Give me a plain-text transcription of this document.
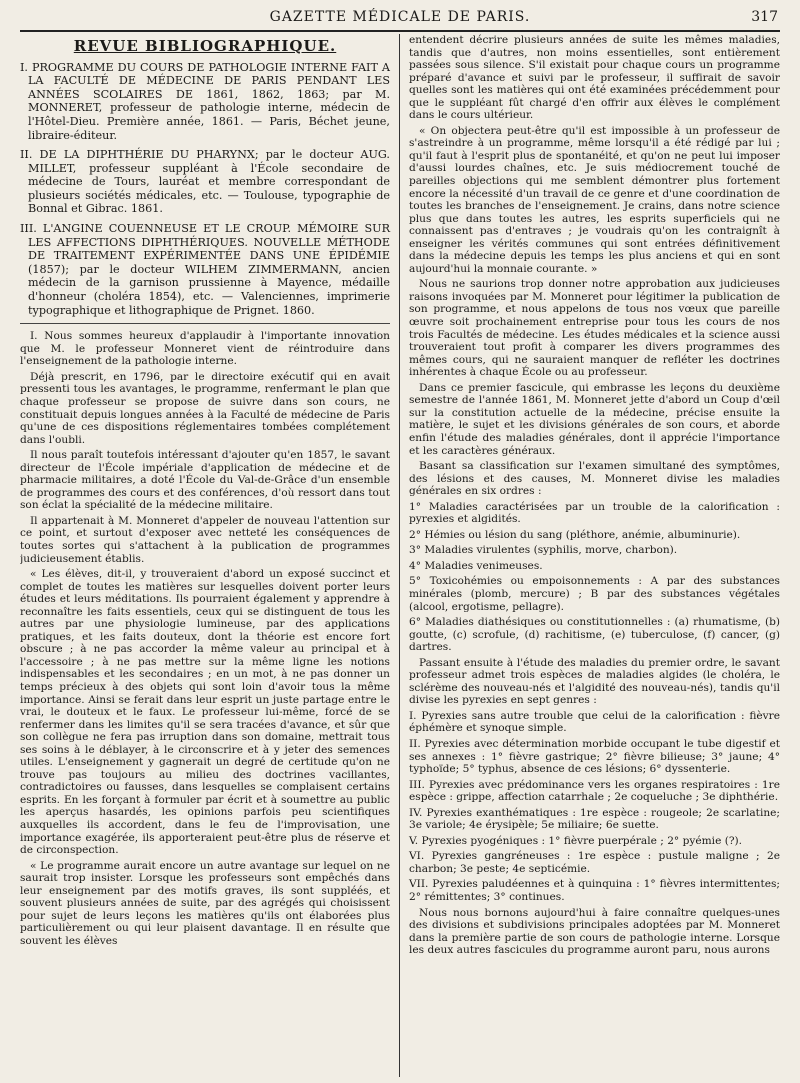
GAZETTE MÉDICALE DE PARIS.	317
REVUE BIBLIOGRAPHIQUE.
I. PROGRAMME DU COURS DE PATHOLOGIE INTERNE FAIT A LA FACULTÉ DE MÉDECINE DE PARIS PENDANT LES ANNÉES SCOLAIRES DE 1861, 1862, 1863; par M. MONNERET, professeur de pathologie interne, médecin de l'Hôtel-Dieu. Première année, 1861. — Paris, Béchet jeune, libraire-éditeur.
II. DE LA DIPHTHÉRIE DU PHARYNX; par le docteur AUG. MILLET, professeur suppléant à l'École secondaire de médecine de Tours, lauréat et membre correspondant de plusieurs sociétés médicales, etc. — Toulouse, typographie de Bonnal et Gibrac. 1861.
III. L'ANGINE COUENNEUSE ET LE CROUP. MÉMOIRE SUR LES AFFECTIONS DIPHTHÉRIQUES. NOUVELLE MÉTHODE DE TRAITEMENT EXPÉRIMENTÉE DANS UNE ÉPIDÉMIE (1857); par le docteur WILHEM ZIMMERMANN, ancien médecin de la garnison prussienne à Mayence, médaille d'honneur (choléra 1854), etc. — Valenciennes, imprimerie typographique et lithographique de Prignet. 1860.

I. Nous sommes heureux d'applaudir à l'importante innovation que M. le professeur Monneret vient de réintroduire dans l'enseignement de la pathologie interne.

Déjà prescrit, en 1796, par le directoire exécutif qui en avait pressenti tous les avantages, le programme, renfermant le plan que chaque professeur se propose de suivre dans son cours, ne constituait depuis longues années à la Faculté de médecine de Paris qu'une de ces dispositions réglementaires tombées complétement dans l'oubli.

Il nous paraît toutefois intéressant d'ajouter qu'en 1857, le savant directeur de l'École impériale d'application de médecine et de pharmacie militaires, a doté l'École du Val-de-Grâce d'un ensemble de programmes des cours et des conférences, d'où ressort dans tout son éclat la spécialité de la médecine militaire.

Il appartenait à M. Monneret d'appeler de nouveau l'attention sur ce point, et surtout d'exposer avec netteté les conséquences de toutes sortes qui s'attachent à la publication de programmes judicieusement établis.

« Les élèves, dit-il, y trouveraient d'abord un exposé succinct et complet de toutes les matières sur lesquelles doivent porter leurs études et leurs méditations. Ils pourraient également y apprendre à reconnaître les faits essentiels, ceux qui se distinguent de tous les autres par une physiologie lumineuse, par des applications pratiques, et les faits douteux, dont la théorie est encore fort obscure ; à ne pas accorder la même valeur au principal et à l'accessoire ; à ne pas mettre sur la même ligne les notions indispensables et les secondaires ; en un mot, à ne pas donner un temps précieux à des objets qui sont loin d'avoir tous la même importance. Ainsi se ferait dans leur esprit un juste partage entre le vrai, le douteux et le faux. Le professeur lui-même, forcé de se renfermer dans les limites qu'il se sera tracées d'avance, et sûr que son collègue ne fera pas irruption dans son domaine, mettrait tous ses soins à le déblayer, à le circonscrire et à y jeter des semences utiles. L'enseignement y gagnerait un degré de certitude qu'on ne trouve pas toujours au milieu des doctrines vacillantes, contradictoires ou fausses, dans lesquelles se complaisent certains esprits. En les forçant à formuler par écrit et à soumettre au public les aperçus hasardés, les opinions parfois peu scientifiques auxquelles ils accordent, dans le feu de l'improvisation, une importance exagérée, ils apporteraient peut-être plus de réserve et de circonspection.

« Le programme aurait encore un autre avantage sur lequel on ne saurait trop insister. Lorsque les professeurs sont empêchés dans leur enseignement par des motifs graves, ils sont suppléés, et souvent plusieurs années de suite, par des agrégés qui choisissent pour sujet de leurs leçons les matières qu'ils ont élaborées plus particulièrement ou qui leur plaisent davantage. Il en résulte que souvent les élèves

entendent décrire plusieurs années de suite les mêmes maladies, tandis que d'autres, non moins essentielles, sont entièrement passées sous silence. S'il existait pour chaque cours un programme préparé d'avance et suivi par le professeur, il suffirait de savoir quelles sont les matières qui ont été examinées précédemment pour que le suppléant fût chargé d'en offrir aux élèves le complément dans le cours ultérieur.

« On objectera peut-être qu'il est impossible à un professeur de s'astreindre à un programme, même lorsqu'il a été rédigé par lui ; qu'il faut à l'esprit plus de spontanéité, et qu'on ne peut lui imposer d'aussi lourdes chaînes, etc. Je suis médiocrement touché de pareilles objections qui me semblent démontrer plus fortement encore la nécessité d'un travail de ce genre et d'une coordination de toutes les branches de l'enseignement. Je crains, dans notre science plus que dans toutes les autres, les esprits superficiels qui ne connaissent pas d'entraves ; je voudrais qu'on les contraignît à enseigner les vérités communes qui sont entrées définitivement dans la médecine depuis les temps les plus anciens et qui en sont aujourd'hui la monnaie courante. »

Nous ne saurions trop donner notre approbation aux judicieuses raisons invoquées par M. Monneret pour légitimer la publication de son programme, et nous appelons de tous nos vœux que pareille œuvre soit prochainement entreprise pour tous les cours de nos trois Facultés de médecine. Les études médicales et la science aussi trouveraient tout profit à comparer les divers programmes des mêmes cours, qui ne sauraient manquer de refléter les doctrines inhérentes à chaque École ou au professeur.

Dans ce premier fascicule, qui embrasse les leçons du deuxième semestre de l'année 1861, M. Monneret jette d'abord un Coup d'œil sur la constitution actuelle de la médecine, précise ensuite la matière, le sujet et les divisions générales de son cours, et aborde enfin l'étude des maladies générales, dont il apprécie l'importance et les caractères généraux.

Basant sa classification sur l'examen simultané des symptômes, des lésions et des causes, M. Monneret divise les maladies générales en six ordres :

1° Maladies caractérisées par un trouble de la calorification : pyrexies et algidités.

2° Hémies ou lésion du sang (pléthore, anémie, albuminurie).

3° Maladies virulentes (syphilis, morve, charbon).

4° Maladies venimeuses.

5° Toxicohémies ou empoisonnements : A par des substances minérales (plomb, mercure) ; B par des substances végétales (alcool, ergotisme, pellagre).

6° Maladies diathésiques ou constitutionnelles : (a) rhumatisme, (b) goutte, (c) scrofule, (d) rachitisme, (e) tuberculose, (f) cancer, (g) dartres.

Passant ensuite à l'étude des maladies du premier ordre, le savant professeur admet trois espèces de maladies algides (le choléra, le sclérème des nouveau-nés et l'algidité des nouveau-nés), tandis qu'il divise les pyrexies en sept genres :

I. Pyrexies sans autre trouble que celui de la calorification : fièvre éphémère et synoque simple.

II. Pyrexies avec détermination morbide occupant le tube digestif et ses annexes : 1° fièvre gastrique; 2° fièvre bilieuse; 3° jaune; 4° typhoïde; 5° typhus, absence de ces lésions; 6° dyssenterie.

III. Pyrexies avec prédominance vers les organes respiratoires : 1re espèce : grippe, affection catarrhale ; 2e coqueluche ; 3e diphthérie.

IV. Pyrexies exanthématiques : 1re espèce : rougeole; 2e scarlatine; 3e variole; 4e érysipèle; 5e miliaire; 6e suette.

V. Pyrexies pyogéniques : 1° fièvre puerpérale ; 2° pyémie (?).

VI. Pyrexies gangréneuses : 1re espèce : pustule maligne ; 2e charbon; 3e peste; 4e septicémie.

VII. Pyrexies paludéennes et à quinquina : 1° fièvres intermittentes; 2° rémittentes; 3° continues.

Nous nous bornons aujourd'hui à faire connaître quelques-unes des divisions et subdivisions principales adoptées par M. Monneret dans la première partie de son cours de pathologie interne. Lorsque les deux autres fascicules du programme auront paru, nous aurons
